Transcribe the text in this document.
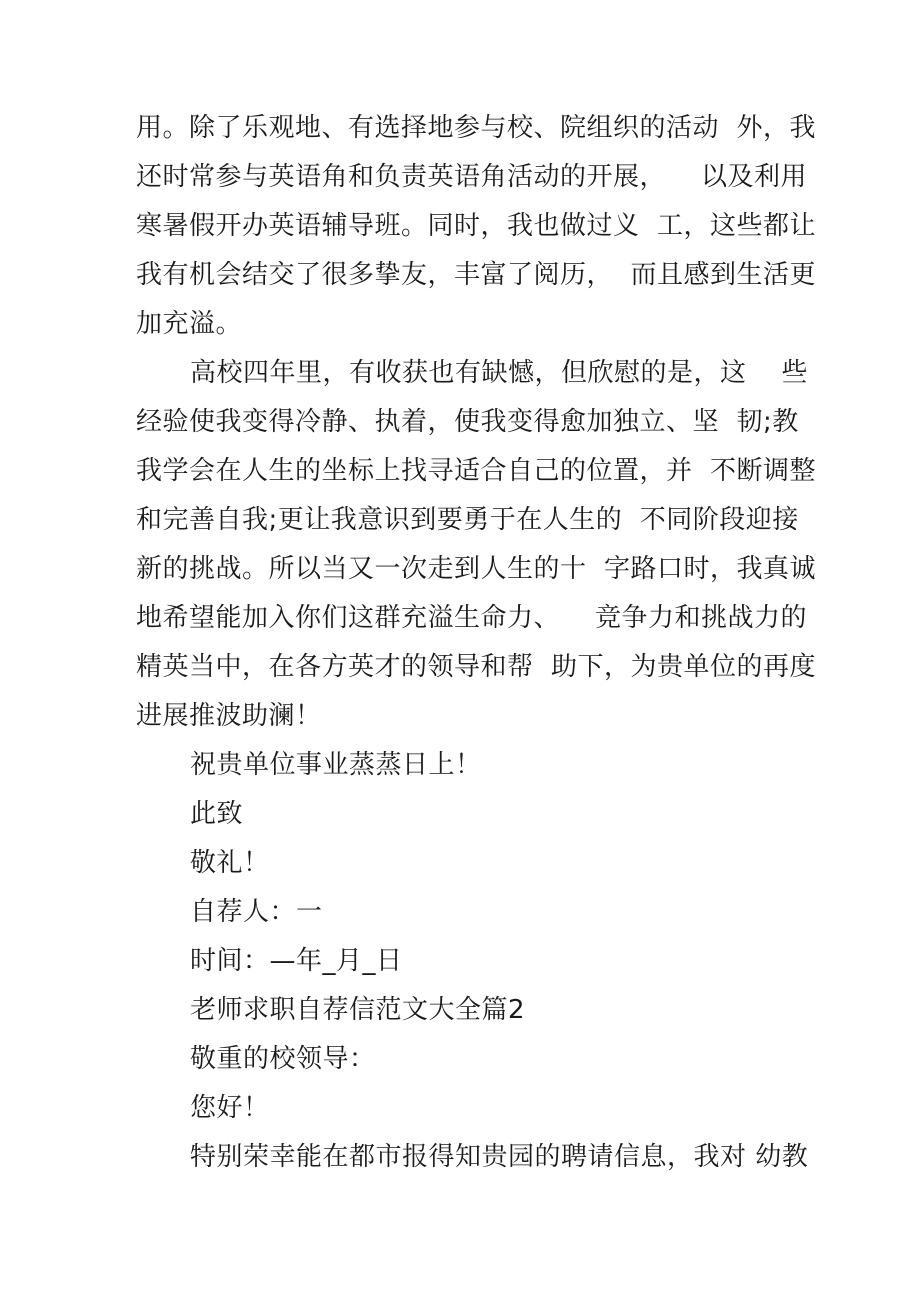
用。除了乐观地、有选择地参与校、院组织的活动  外，我
还时常参与英语角和负责英语角活动的开展，    以及利用
寒暑假开办英语辅导班。同时，我也做过义  工，这些都让
我有机会结交了很多挚友，丰富了阅历，  而且感到生活更
加充溢。
高校四年里，有收获也有缺憾，但欣慰的是，这    些
经验使我变得冷静、执着，使我变得愈加独立、坚  韧;教
我学会在人生的坐标上找寻适合自己的位置，并  不断调整
和完善自我;更让我意识到要勇于在人生的  不同阶段迎接
新的挑战。所以当又一次走到人生的十  字路口时，我真诚
地希望能加入你们这群充溢生命力、    竞争力和挑战力的
精英当中，在各方英才的领导和帮  助下，为贵单位的再度
进展推波助澜！
祝贵单位事业蒸蒸日上！
此致
敬礼！
自荐人：一
时间：—年_月_日
老师求职自荐信范文大全篇2
敬重的校领导：
您好！
特别荣幸能在都市报得知贵园的聘请信息，我对 幼教
